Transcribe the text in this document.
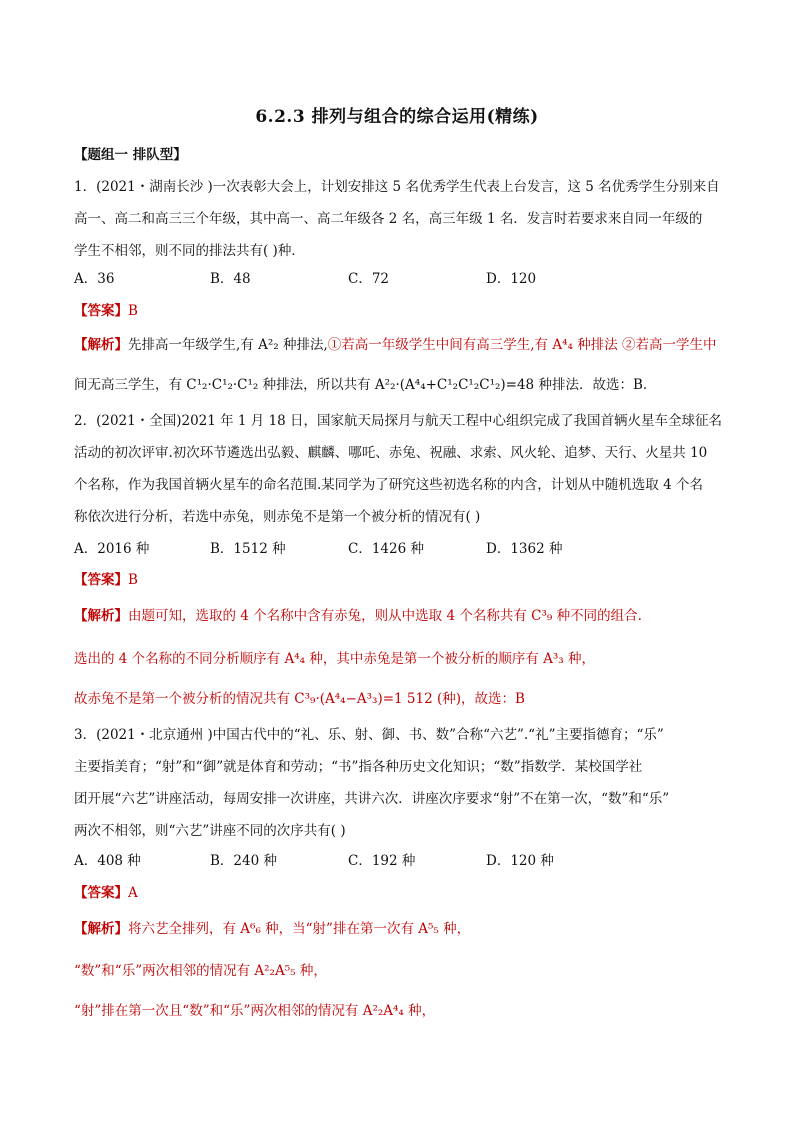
6.2.3 排列与组合的综合运用(精练)
【题组一 排队型】
1．(2021・湖南长沙 )一次表彰大会上，计划安排这 5 名优秀学生代表上台发言，这 5 名优秀学生分别来自
高一、高二和高三三个年级，其中高一、高二年级各 2 名，高三年级 1 名．发言时若要求来自同一年级的
学生不相邻，则不同的排法共有( )种．
A．36	B．48	C．72	D．120
【答案】B
【解析】先排高一年级学生,有 A²₂ 种排法,①若高一年级学生中间有高三学生,有 A⁴₄ 种排法 ②若高一学生中
间无高三学生，有 C¹₂·C¹₂·C¹₂ 种排法，所以共有 A²₂·(A⁴₄+C¹₂C¹₂C¹₂)=48 种排法．故选：B．
2．(2021・全国)2021 年 1 月 18 日，国家航天局探月与航天工程中心组织完成了我国首辆火星车全球征名
活动的初次评审.初次环节遴选出弘毅、麒麟、哪吒、赤兔、祝融、求索、风火轮、追梦、天行、火星共 10
个名称，作为我国首辆火星车的命名范围.某同学为了研究这些初选名称的内含，计划从中随机选取 4 个名
称依次进行分析，若选中赤兔，则赤兔不是第一个被分析的情况有( )
A．2016 种	B．1512 种	C．1426 种	D．1362 种
【答案】B
【解析】由题可知，选取的 4 个名称中含有赤兔，则从中选取 4 个名称共有 C³₉ 种不同的组合.
选出的 4 个名称的不同分析顺序有 A⁴₄ 种，其中赤兔是第一个被分析的顺序有 A³₃ 种，
故赤兔不是第一个被分析的情况共有 C³₉·(A⁴₄−A³₃)=1 512 (种)，故选：B
3．(2021・北京通州 )中国古代中的“礼、乐、射、御、书、数”合称“六艺”.“礼”主要指德育；“乐”
主要指美育；“射”和“御”就是体育和劳动；“书”指各种历史文化知识；“数”指数学．某校国学社
团开展“六艺”讲座活动，每周安排一次讲座，共讲六次．讲座次序要求“射”不在第一次，“数”和“乐”
两次不相邻，则“六艺”讲座不同的次序共有( )
A．408 种	B．240 种	C．192 种	D．120 种
【答案】A
【解析】将六艺全排列，有 A⁶₆ 种，当“射”排在第一次有 A⁵₅ 种，
“数”和“乐”两次相邻的情况有 A²₂A⁵₅ 种，
“射”排在第一次且“数”和“乐”两次相邻的情况有 A²₂A⁴₄ 种，
